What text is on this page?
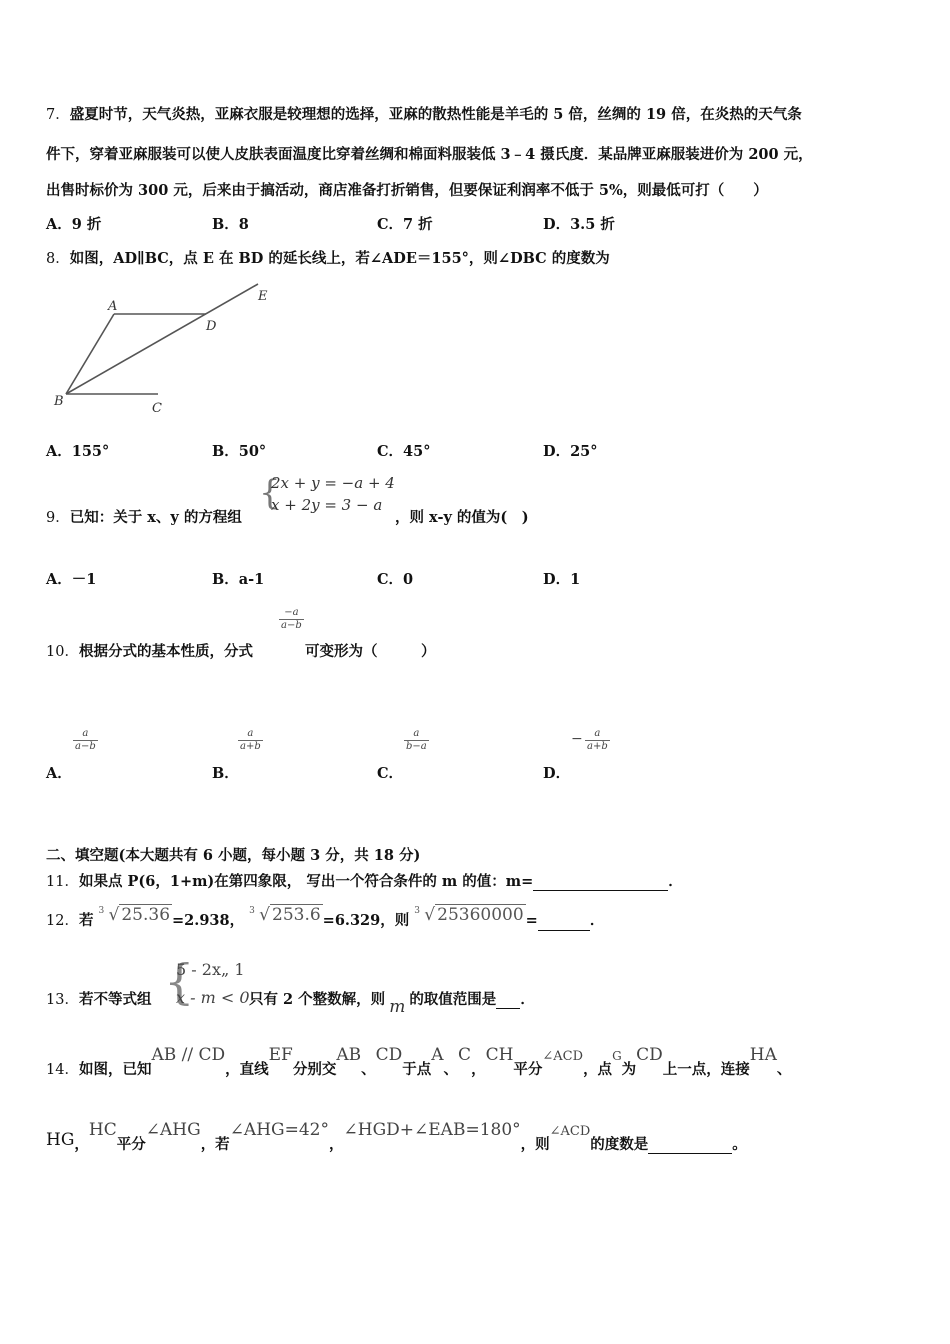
7．盛夏时节，天气炎热，亚麻衣服是较理想的选择，亚麻的散热性能是羊毛的 5 倍，丝绸的 19 倍，在炎热的天气条
件下，穿着亚麻服装可以使人皮肤表面温度比穿着丝绸和棉面料服装低 3﹣4 摄氏度．某品牌亚麻服装进价为 200 元，
出售时标价为 300 元，后来由于搞活动，商店准备打折销售，但要保证利润率不低于 5%，则最低可打（　　）
A．9 折	B．8	C．7 折	D．3.5 折
8．如图，AD∥BC，点 E 在 BD 的延长线上，若∠ADE＝155°，则∠DBC 的度数为
A
D
E
B	C
A．155°	B．50°	C．45°	D．25°
9．已知：关于 x、y 的方程组
{
2x + y = −a + 4
x + 2y = 3 − a
，则 x-y 的值为(　)
A．－1	B．a-1	C．0	D．1
10．根据分式的基本性质，分式
$\frac{-a}{a-b}$
可变形为（　　　）
$\frac{a}{a-b}$	$\frac{a}{a+b}$	$\frac{a}{b-a}$	− $\frac{a}{a+b}$
A．	B．	C．	D．
二、填空题(本大题共有 6 小题，每小题 3 分，共 18 分)
11．如果点 P(6，1+m)在第四象限， 写出一个符合条件的 m 的值：m=	．
12．若
3 √ 25.36 =2.938，
3 √ 253.6 =6.329，则
3 √ 25360000 =	．
13．若不等式组 {
5 - 2x„ 1
x - m < 0 只有 2 个整数解，则 m 的取值范围是 ．
14．如图，已知AB // CD，直线EF分别交AB、CD于点A、C，CH平分∠ACD，点$^G$为CD上一点，连接HA、
HG，HC平分∠AHG，若∠AHG=42°，∠HGD+∠EAB=180°，则∠ACD的度数是	。
